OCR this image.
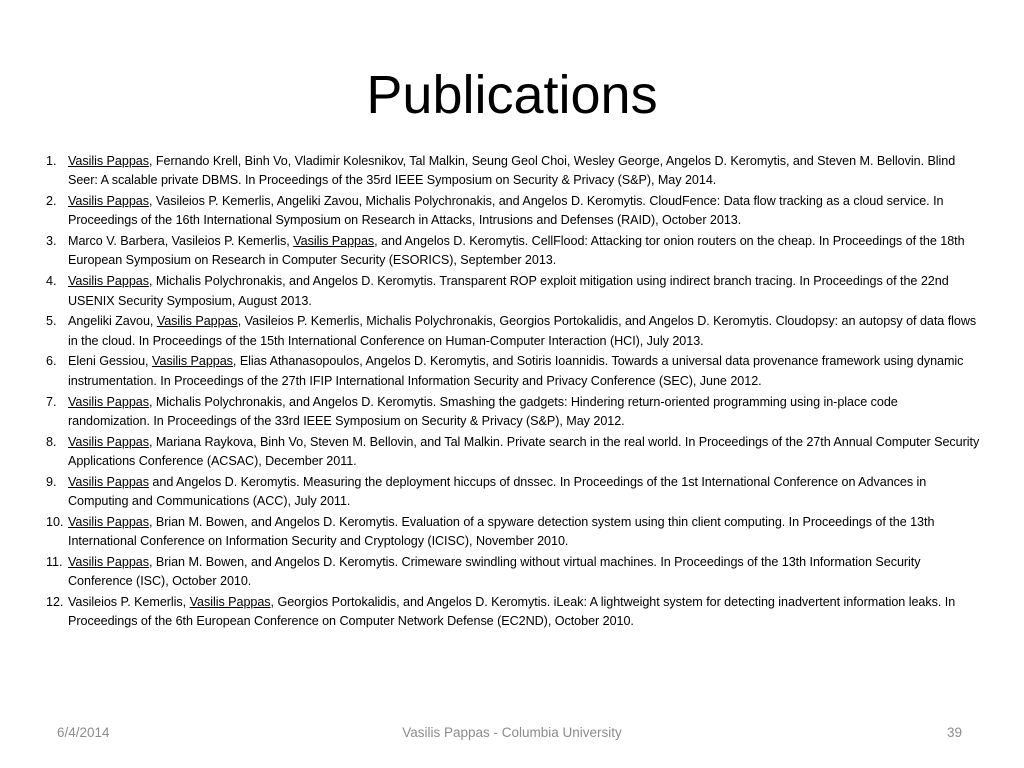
Publications
1. Vasilis Pappas, Fernando Krell, Binh Vo, Vladimir Kolesnikov, Tal Malkin, Seung Geol Choi, Wesley George, Angelos D. Keromytis, and Steven M. Bellovin. Blind Seer: A scalable private DBMS. In Proceedings of the 35rd IEEE Symposium on Security & Privacy (S&P), May 2014.
2. Vasilis Pappas, Vasileios P. Kemerlis, Angeliki Zavou, Michalis Polychronakis, and Angelos D. Keromytis. CloudFence: Data flow tracking as a cloud service. In Proceedings of the 16th International Symposium on Research in Attacks, Intrusions and Defenses (RAID), October 2013.
3. Marco V. Barbera, Vasileios P. Kemerlis, Vasilis Pappas, and Angelos D. Keromytis. CellFlood: Attacking tor onion routers on the cheap. In Proceedings of the 18th European Symposium on Research in Computer Security (ESORICS), September 2013.
4. Vasilis Pappas, Michalis Polychronakis, and Angelos D. Keromytis. Transparent ROP exploit mitigation using indirect branch tracing. In Proceedings of the 22nd USENIX Security Symposium, August 2013.
5. Angeliki Zavou, Vasilis Pappas, Vasileios P. Kemerlis, Michalis Polychronakis, Georgios Portokalidis, and Angelos D. Keromytis. Cloudopsy: an autopsy of data flows in the cloud. In Proceedings of the 15th International Conference on Human-Computer Interaction (HCI), July 2013.
6. Eleni Gessiou, Vasilis Pappas, Elias Athanasopoulos, Angelos D. Keromytis, and Sotiris Ioannidis. Towards a universal data provenance framework using dynamic instrumentation. In Proceedings of the 27th IFIP International Information Security and Privacy Conference (SEC), June 2012.
7. Vasilis Pappas, Michalis Polychronakis, and Angelos D. Keromytis. Smashing the gadgets: Hindering return-oriented programming using in-place code randomization. In Proceedings of the 33rd IEEE Symposium on Security & Privacy (S&P), May 2012.
8. Vasilis Pappas, Mariana Raykova, Binh Vo, Steven M. Bellovin, and Tal Malkin. Private search in the real world. In Proceedings of the 27th Annual Computer Security Applications Conference (ACSAC), December 2011.
9. Vasilis Pappas and Angelos D. Keromytis. Measuring the deployment hiccups of dnssec. In Proceedings of the 1st International Conference on Advances in Computing and Communications (ACC), July 2011.
10. Vasilis Pappas, Brian M. Bowen, and Angelos D. Keromytis. Evaluation of a spyware detection system using thin client computing. In Proceedings of the 13th International Conference on Information Security and Cryptology (ICISC), November 2010.
11. Vasilis Pappas, Brian M. Bowen, and Angelos D. Keromytis. Crimeware swindling without virtual machines. In Proceedings of the 13th Information Security Conference (ISC), October 2010.
12. Vasileios P. Kemerlis, Vasilis Pappas, Georgios Portokalidis, and Angelos D. Keromytis. iLeak: A lightweight system for detecting inadvertent information leaks. In Proceedings of the 6th European Conference on Computer Network Defense (EC2ND), October 2010.
6/4/2014	Vasilis Pappas - Columbia University	39
